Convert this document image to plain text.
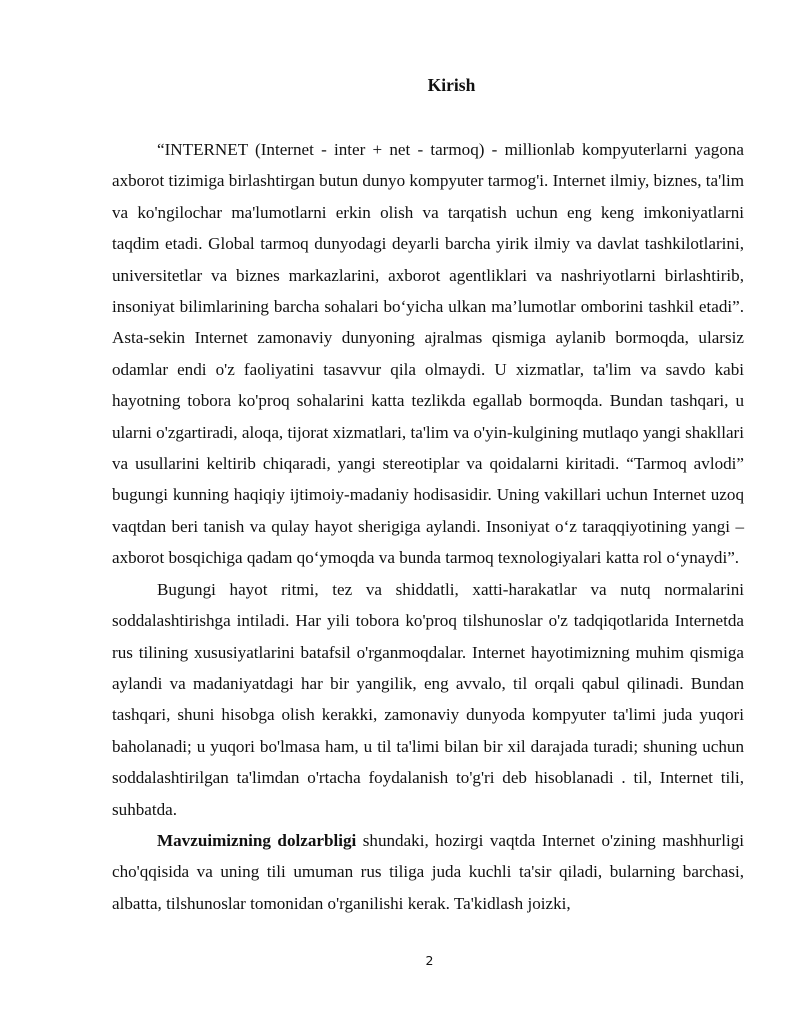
Kirish

“INTERNET (Internet - inter + net - tarmoq) - millionlab kompyuterlarni yagona axborot tizimiga birlashtirgan butun dunyo kompyuter tarmog'i. Internet ilmiy, biznes, ta'lim va ko'ngilochar ma'lumotlarni erkin olish va tarqatish uchun eng keng imkoniyatlarni taqdim etadi. Global tarmoq dunyodagi deyarli barcha yirik ilmiy va davlat tashkilotlarini, universitetlar va biznes markazlarini, axborot agentliklari va nashriyotlarni birlashtirib, insoniyat bilimlarining barcha sohalari bo‘yicha ulkan ma’lumotlar omborini tashkil etadi”. Asta-sekin Internet zamonaviy dunyoning ajralmas qismiga aylanib bormoqda, ularsiz odamlar endi o'z faoliyatini tasavvur qila olmaydi. U xizmatlar, ta'lim va savdo kabi hayotning tobora ko'proq sohalarini katta tezlikda egallab bormoqda. Bundan tashqari, u ularni o'zgartiradi, aloqa, tijorat xizmatlari, ta'lim va o'yin-kulgining mutlaqo yangi shakllari va usullarini keltirib chiqaradi, yangi stereotiplar va qoidalarni kiritadi. “Tarmoq avlodi” bugungi kunning haqiqiy ijtimoiy-madaniy hodisasidir. Uning vakillari uchun Internet uzoq vaqtdan beri tanish va qulay hayot sherigiga aylandi. Insoniyat o‘z taraqqiyotining yangi – axborot bosqichiga qadam qo‘ymoqda va bunda tarmoq texnologiyalari katta rol o‘ynaydi”.

Bugungi hayot ritmi, tez va shiddatli, xatti-harakatlar va nutq normalarini soddalashtirishga intiladi. Har yili tobora ko'proq tilshunoslar o'z tadqiqotlarida Internetda rus tilining xususiyatlarini batafsil o'rganmoqdalar. Internet hayotimizning muhim qismiga aylandi va madaniyatdagi har bir yangilik, eng avvalo, til orqali qabul qilinadi. Bundan tashqari, shuni hisobga olish kerakki, zamonaviy dunyoda kompyuter ta'limi juda yuqori baholanadi; u yuqori bo'lmasa ham, u til ta'limi bilan bir xil darajada turadi; shuning uchun soddalashtirilgan ta'limdan o'rtacha foydalanish to'g'ri deb hisoblanadi . til, Internet tili, suhbatda.

Mavzuimizning dolzarbligi shundaki, hozirgi vaqtda Internet o'zining mashhurligi cho'qqisida va uning tili umuman rus tiliga juda kuchli ta'sir qiladi, bularning barchasi, albatta, tilshunoslar tomonidan o'rganilishi kerak. Ta'kidlash joizki,

2
